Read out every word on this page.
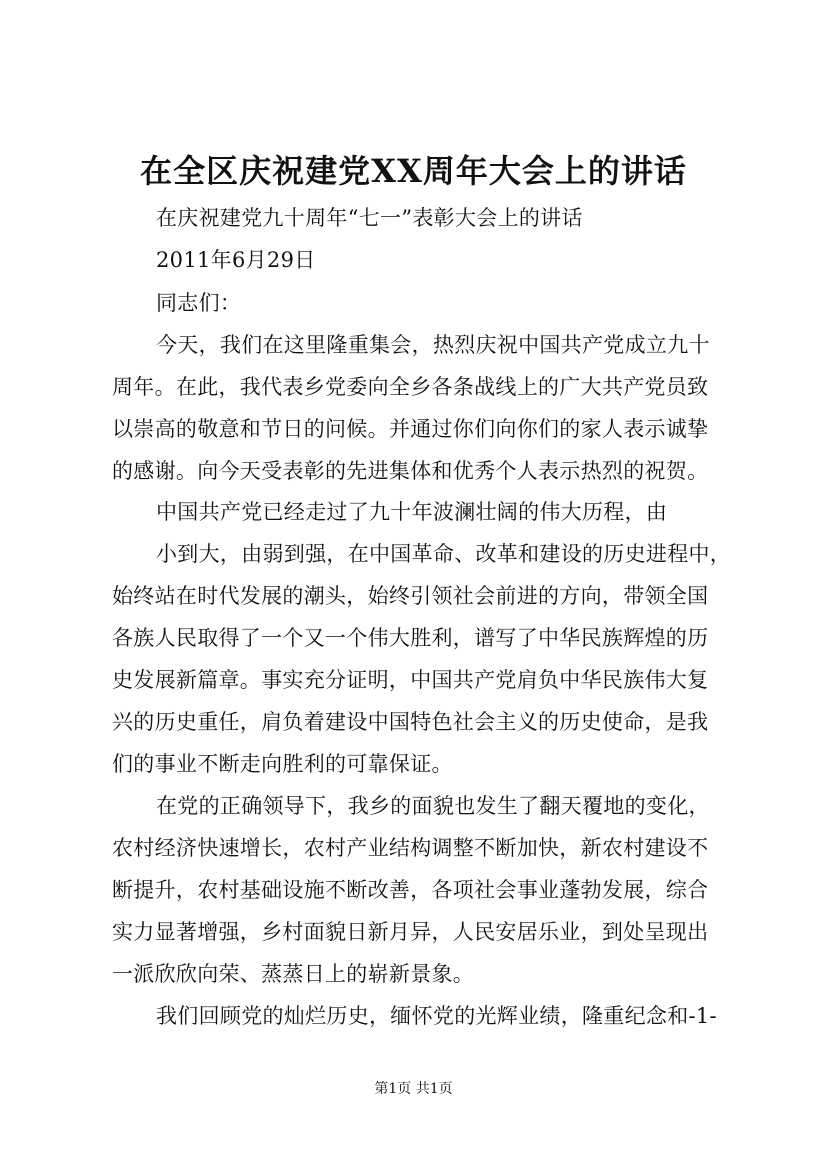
在全区庆祝建党XX周年大会上的讲话
在庆祝建党九十周年“七一”表彰大会上的讲话
2011年6月29日
同志们：
今天，我们在这里隆重集会，热烈庆祝中国共产党成立九十
周年。在此，我代表乡党委向全乡各条战线上的广大共产党员致
以崇高的敬意和节日的问候。并通过你们向你们的家人表示诚挚
的感谢。向今天受表彰的先进集体和优秀个人表示热烈的祝贺。
中国共产党已经走过了九十年波澜壮阔的伟大历程，由
小到大，由弱到强，在中国革命、改革和建设的历史进程中，
始终站在时代发展的潮头，始终引领社会前进的方向，带领全国
各族人民取得了一个又一个伟大胜利，谱写了中华民族辉煌的历
史发展新篇章。事实充分证明，中国共产党肩负中华民族伟大复
兴的历史重任，肩负着建设中国特色社会主义的历史使命，是我
们的事业不断走向胜利的可靠保证。
在党的正确领导下，我乡的面貌也发生了翻天覆地的变化，
农村经济快速增长，农村产业结构调整不断加快，新农村建设不
断提升，农村基础设施不断改善，各项社会事业蓬勃发展，综合
实力显著增强，乡村面貌日新月异，人民安居乐业，到处呈现出
一派欣欣向荣、蒸蒸日上的崭新景象。
我们回顾党的灿烂历史，缅怀党的光辉业绩，隆重纪念和-1-
第1页 共1页
